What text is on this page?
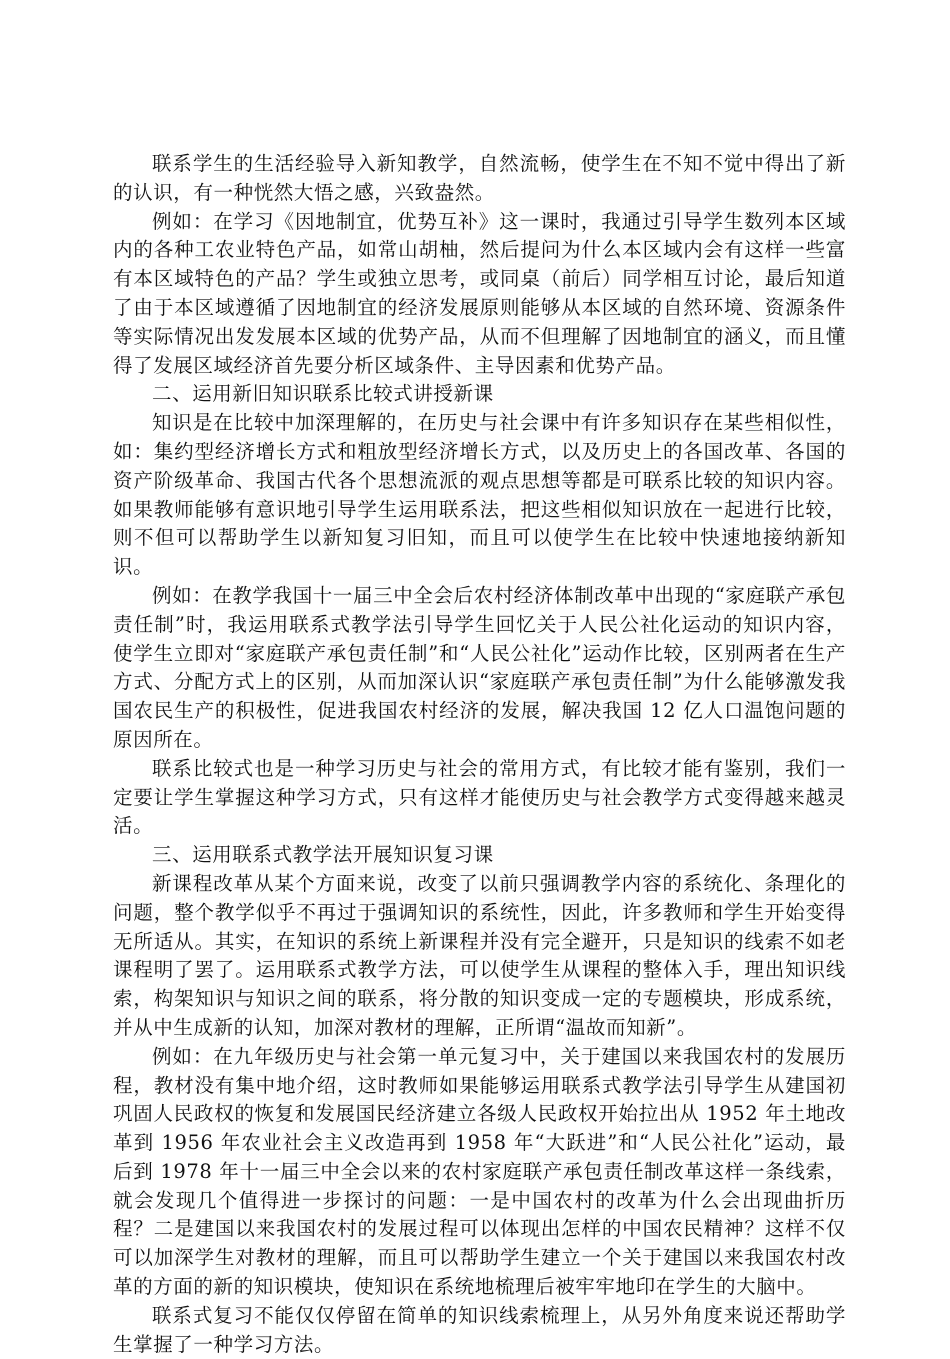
联系学生的生活经验导入新知教学，自然流畅，使学生在不知不觉中得出了新的认识，有一种恍然大悟之感，兴致盎然。

例如：在学习《因地制宜，优势互补》这一课时，我通过引导学生数列本区域内的各种工农业特色产品，如常山胡柚，然后提问为什么本区域内会有这样一些富有本区域特色的产品？学生或独立思考，或同桌（前后）同学相互讨论，最后知道了由于本区域遵循了因地制宜的经济发展原则能够从本区域的自然环境、资源条件等实际情况出发发展本区域的优势产品，从而不但理解了因地制宜的涵义，而且懂得了发展区域经济首先要分析区域条件、主导因素和优势产品。

二、运用新旧知识联系比较式讲授新课

知识是在比较中加深理解的，在历史与社会课中有许多知识存在某些相似性，如：集约型经济增长方式和粗放型经济增长方式，以及历史上的各国改革、各国的资产阶级革命、我国古代各个思想流派的观点思想等都是可联系比较的知识内容。如果教师能够有意识地引导学生运用联系法，把这些相似知识放在一起进行比较，则不但可以帮助学生以新知复习旧知，而且可以使学生在比较中快速地接纳新知识。

例如：在教学我国十一届三中全会后农村经济体制改革中出现的“家庭联产承包责任制”时，我运用联系式教学法引导学生回忆关于人民公社化运动的知识内容，使学生立即对“家庭联产承包责任制”和“人民公社化”运动作比较，区别两者在生产方式、分配方式上的区别，从而加深认识“家庭联产承包责任制”为什么能够激发我国农民生产的积极性，促进我国农村经济的发展，解决我国 12 亿人口温饱问题的原因所在。

联系比较式也是一种学习历史与社会的常用方式，有比较才能有鉴别，我们一定要让学生掌握这种学习方式，只有这样才能使历史与社会教学方式变得越来越灵活。

三、运用联系式教学法开展知识复习课

新课程改革从某个方面来说，改变了以前只强调教学内容的系统化、条理化的问题，整个教学似乎不再过于强调知识的系统性，因此，许多教师和学生开始变得无所适从。其实，在知识的系统上新课程并没有完全避开，只是知识的线索不如老课程明了罢了。运用联系式教学方法，可以使学生从课程的整体入手，理出知识线索，构架知识与知识之间的联系，将分散的知识变成一定的专题模块，形成系统，并从中生成新的认知，加深对教材的理解，正所谓“温故而知新”。

例如：在九年级历史与社会第一单元复习中，关于建国以来我国农村的发展历程，教材没有集中地介绍，这时教师如果能够运用联系式教学法引导学生从建国初巩固人民政权的恢复和发展国民经济建立各级人民政权开始拉出从 1952 年土地改革到 1956 年农业社会主义改造再到 1958 年“大跃进”和“人民公社化”运动，最后到 1978 年十一届三中全会以来的农村家庭联产承包责任制改革这样一条线索，就会发现几个值得进一步探讨的问题：一是中国农村的改革为什么会出现曲折历程？二是建国以来我国农村的发展过程可以体现出怎样的中国农民精神？这样不仅可以加深学生对教材的理解，而且可以帮助学生建立一个关于建国以来我国农村改革的方面的新的知识模块，使知识在系统地梳理后被牢牢地印在学生的大脑中。

联系式复习不能仅仅停留在简单的知识线索梳理上，从另外角度来说还帮助学生掌握了一种学习方法。
